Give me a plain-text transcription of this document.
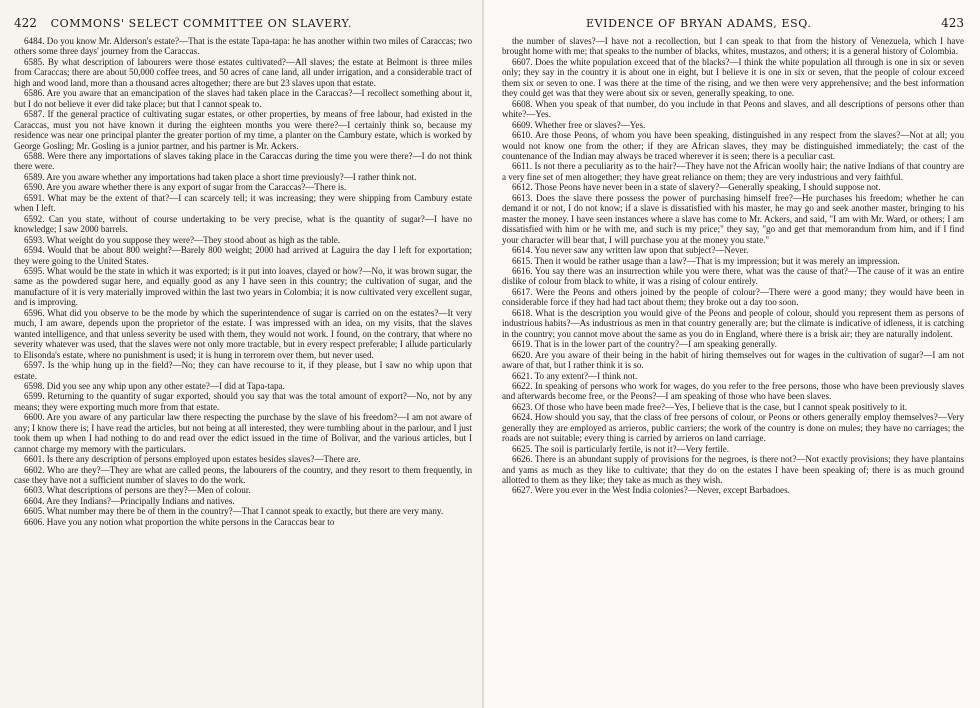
422 COMMONS' SELECT COMMITTEE ON SLAVERY.

6484. Do you know Mr. Alderson's estate?—That is the estate Tapa-tapa: he has another within two miles of Caraccas; two others some three days' journey from the Caraccas.

6585. By what description of labourers were those estates cultivated?—All slaves; the estate at Belmont is three miles from Caraccas; there are about 50,000 coffee trees, and 50 acres of cane land, all under irrigation, and a considerable tract of high and wood land, more than a thousand acres altogether; there are but 23 slaves upon that estate.

6586. Are you aware that an emancipation of the slaves had taken place in the Caraccas?—I recollect something about it, but I do not believe it ever did take place; but that I cannot speak to.

6587. If the general practice of cultivating sugar estates, or other properties, by means of free labour, had existed in the Caraccas, must you not have known it during the eighteen months you were there?—I certainly think so, because my residence was near one principal planter the greater portion of my time, a planter on the Cambury estate, which is worked by George Gosling; Mr. Gosling is a junior partner, and his partner is Mr. Ackers.

6588. Were there any importations of slaves taking place in the Caraccas during the time you were there?—I do not think there were.

6589. Are you aware whether any importations had taken place a short time previously?—I rather think not.

6590. Are you aware whether there is any export of sugar from the Caraccas?—There is.

6591. What may be the extent of that?—I can scarcely tell; it was increasing; they were shipping from Cambury estate when I left.

6592. Can you state, without of course undertaking to be very precise, what is the quantity of sugar?—I have no knowledge; I saw 2000 barrels.

6593. What weight do you suppose they were?—They stood about as high as the table.

6594. Would that be about 800 weight?—Barely 800 weight; 2000 had arrived at Laguira the day I left for exportation; they were going to the United States.

6595. What would be the state in which it was exported; is it put into loaves, clayed or how?—No, it was brown sugar, the same as the powdered sugar here, and equally good as any I have seen in this country; the cultivation of sugar, and the manufacture of it is very materially improved within the last two years in Colombia; it is now cultivated very excellent sugar, and is improving.

6596. What did you observe to be the mode by which the superintendence of sugar is carried on on the estates?—It very much, I am aware, depends upon the proprietor of the estate. I was impressed with an idea, on my visits, that the slaves wanted intelligence, and that unless severity be used with them, they would not work. I found, on the contrary, that where no severity whatever was used, that the slaves were not only more tractable, but in every respect preferable; I allude particularly to Elisonda's estate, where no punishment is used; it is hung in terrorem over them, but never used.

6597. Is the whip hung up in the field?—No; they can have recourse to it, if they please, but I saw no whip upon that estate.

6598. Did you see any whip upon any other estate?—I did at Tapa-tapa.

6599. Returning to the quantity of sugar exported, should you say that was the total amount of export?—No, not by any means; they were exporting much more from that estate.

6600. Are you aware of any particular law there respecting the purchase by the slave of his freedom?—I am not aware of any; I know there is; I have read the articles, but not being at all interested, they were tumbling about in the parlour, and I just took them up when I had nothing to do and read over the edict issued in the time of Bolivar, and the various articles, but I cannot charge my memory with the particulars.

6601. Is there any description of persons employed upon estates besides slaves?—There are.

6602. Who are they?—They are what are called peons, the labourers of the country, and they resort to them frequently, in case they have not a sufficient number of slaves to do the work.

6603. What descriptions of persons are they?—Men of colour.

6604. Are they Indians?—Principally Indians and natives.

6605. What number may there be of them in the country?—That I cannot speak to exactly, but there are very many.

6606. Have you any notion what proportion the white persons in the Caraccas bear to

EVIDENCE OF BRYAN ADAMS, ESQ.	423

the number of slaves?—I have not a recollection, but I can speak to that from the history of Venezuela, which I have brought home with me; that speaks to the number of blacks, whites, mustazos, and others; it is a general history of Colombia.

6607. Does the white population exceed that of the blacks?—I think the white population all through is one in six or seven only; they say in the country it is about one in eight, but I believe it is one in six or seven, that the people of colour exceed them six or seven to one. I was there at the time of the rising, and we then were very apprehensive; and the best information they could get was that they were about six or seven, generally speaking, to one.

6608. When you speak of that number, do you include in that Peons and slaves, and all descriptions of persons other than white?—Yes.

6609. Whether free or slaves?—Yes.

6610. Are those Peons, of whom you have been speaking, distinguished in any respect from the slaves?—Not at all; you would not know one from the other; if they are African slaves, they may be distinguished immediately; the cast of the countenance of the Indian may always be traced wherever it is seen; there is a peculiar cast.

6611. Is not there a peculiarity as to the hair?—They have not the African woolly hair; the native Indians of that country are a very fine set of men altogether; they have great reliance on them; they are very industrious and very faithful.

6612. Those Peons have never been in a state of slavery?—Generally speaking, I should suppose not.

6613. Does the slave there possess the power of purchasing himself free?—He purchases his freedom; whether he can demand it or not, I do not know; if a slave is dissatisfied with his master, he may go and seek another master, bringing to his master the money. I have seen instances where a slave has come to Mr. Ackers, and said, "I am with Mr. Ward, or others; I am dissatisfied with him or he with me, and such is my price;" they say, "go and get that memorandum from him, and if I find your character will bear that, I will purchase you at the money you state."

6614. You never saw any written law upon that subject?—Never.

6615. Then it would be rather usage than a law?—That is my impression; but it was merely an impression.

6616. You say there was an insurrection while you were there, what was the cause of that?—The cause of it was an entire dislike of colour from black to white, it was a rising of colour entirely.

6617. Were the Peons and others joined by the people of colour?—There were a good many; they would have been in considerable force if they had had tact about them; they broke out a day too soon.

6618. What is the description you would give of the Peons and people of colour, should you represent them as persons of industrious habits?—As industrious as men in that country generally are; but the climate is indicative of idleness, it is catching in the country; you cannot move about the same as you do in England, where there is a brisk air; they are naturally indolent.

6619. That is in the lower part of the country?—I am speaking generally.

6620. Are you aware of their being in the habit of hiring themselves out for wages in the cultivation of sugar?—I am not aware of that, but I rather think it is so.

6621. To any extent?—I think not.

6622. In speaking of persons who work for wages, do you refer to the free persons, those who have been previously slaves and afterwards become free, or the Peons?—I am speaking of those who have been slaves.

6623. Of those who have been made free?—Yes, I believe that is the case, but I cannot speak positively to it.

6624. How should you say, that the class of free persons of colour, or Peons or others generally employ themselves?—Very generally they are employed as arrieros, public carriers; the work of the country is done on mules; they have no carriages; the roads are not suitable; every thing is carried by arrieros on land carriage.

6625. The soil is particularly fertile, is not it?—Very fertile.

6626. There is an abundant supply of provisions for the negroes, is there not?—Not exactly provisions; they have plantains and yams as much as they like to cultivate; that they do on the estates I have been speaking of; there is as much ground allotted to them as they like; they take as much as they wish.

6627. Were you ever in the West India colonies?—Never, except Barbadoes.
